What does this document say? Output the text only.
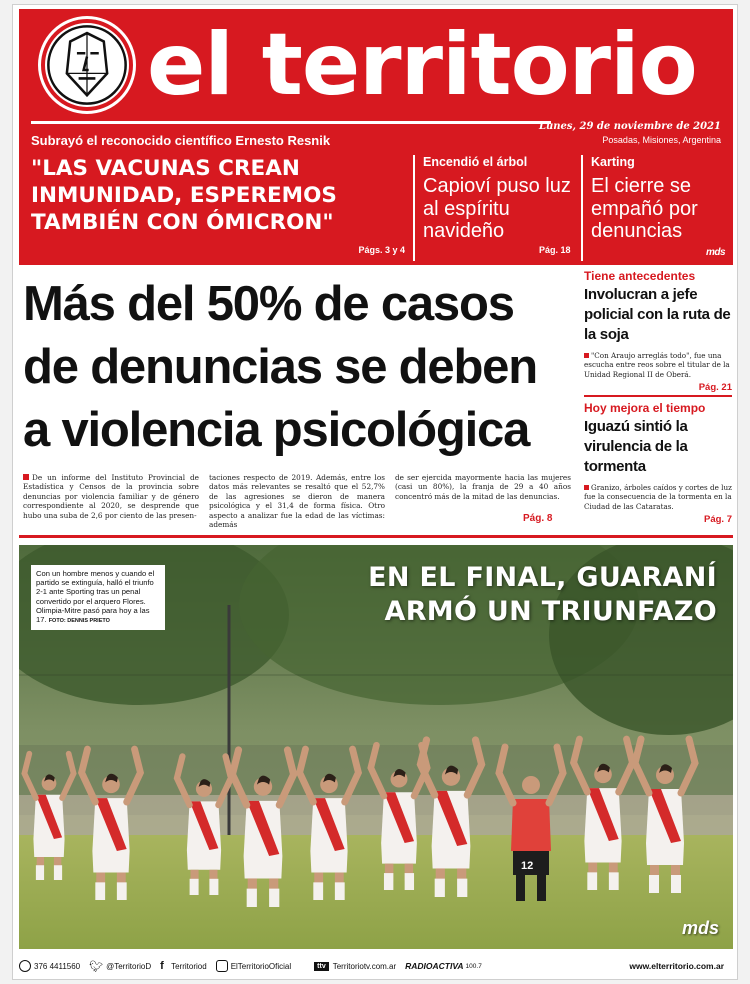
el territorio
Lunes, 29 de noviembre de 2021
Posadas, Misiones, Argentina
Subrayó el reconocido científico Ernesto Resnik
"LAS VACUNAS CREAN INMUNIDAD, ESPEREMOS TAMBIÉN CON ÓMICRON"
Págs. 3 y 4
Encendió el árbol
Capioví puso luz al espíritu navideño
Pág. 18
Karting
El cierre se empañó por denuncias
mds
Más del 50% de casos de denuncias se deben a violencia psicológica
De un informe del Instituto Provincial de Estadística y Censos de la provincia sobre denuncias por violencia familiar y de género correspondiente al 2020, se desprende que hubo una suba de 2,6 por ciento de las presen-
taciones respecto de 2019. Además, entre los datos más relevantes se resaltó que el 52,7% de las agresiones se dieron de manera psicológica y el 31,4 de forma física. Otro aspecto a analizar fue la edad de las víctimas: además
de ser ejercida mayormente hacia las mujeres (casi un 80%), la franja de 29 a 40 años concentró más de la mitad de las denuncias.
Pág. 8
Tiene antecedentes
Involucran a jefe policial con la ruta de la soja
"Con Araujo arreglás todo", fue una escucha entre reos sobre el titular de la Unidad Regional II de Oberá.
Pág. 21
Hoy mejora el tiempo
Iguazú sintió la virulencia de la tormenta
Granizo, árboles caídos y cortes de luz fue la consecuencia de la tormenta en la Ciudad de las Cataratas.
Pág. 7
12
Con un hombre menos y cuando el partido se extinguía, halló el triunfo 2-1 ante Sporting tras un penal convertido por el arquero Flores. Olimpia-Mitre pasó para hoy a las 17. FOTO: DENNIS PRIETO
EN EL FINAL, GUARANÍ ARMÓ UN TRIUNFAZO
mds
376 4411560 🐦︎ @TerritorioD f Territoriod	ElTerritorioOficial	ttv Territoriotv.com.ar RADIOACTIVA 100.7	www.elterritorio.com.ar
